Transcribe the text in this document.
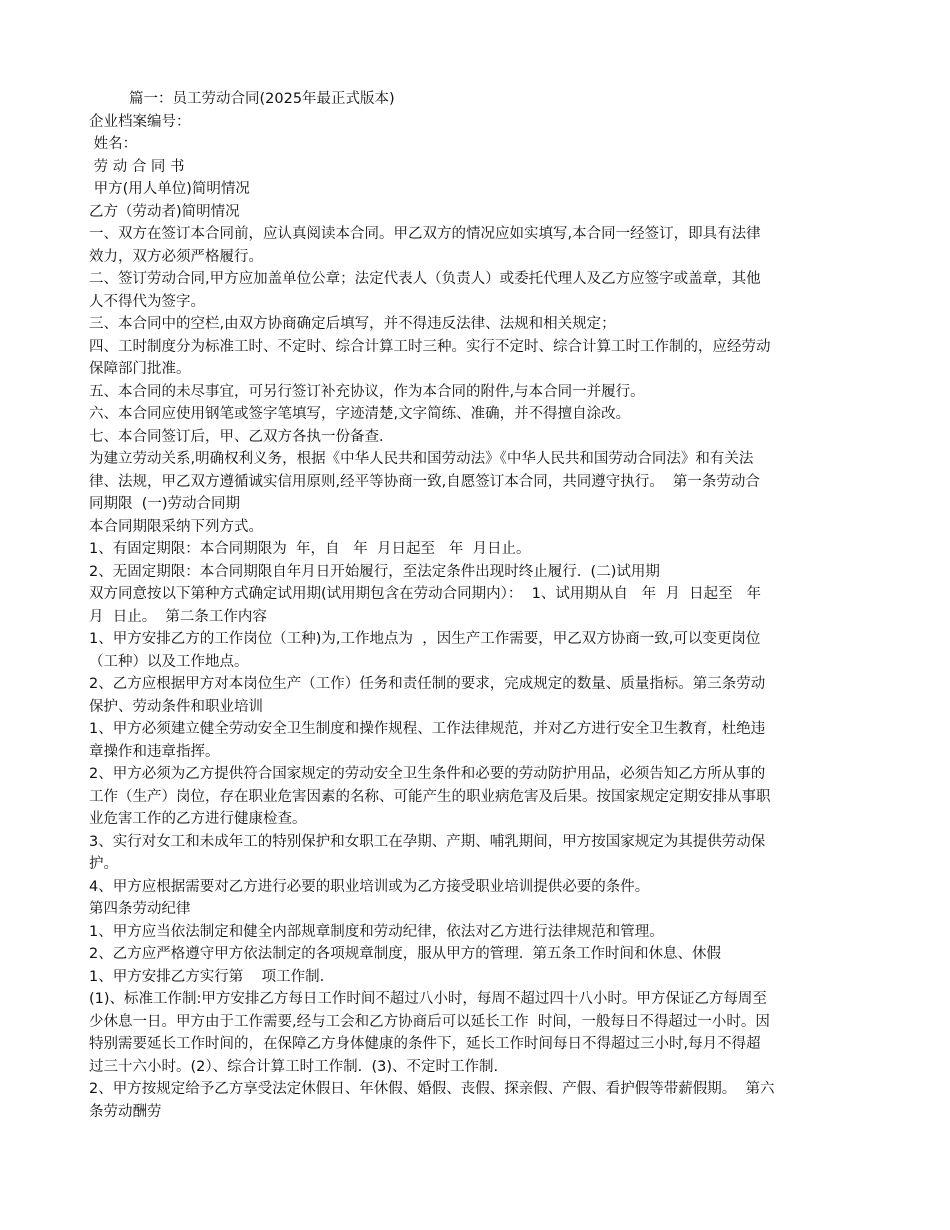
篇一：员工劳动合同(2025年最正式版本)
企业档案编号：
姓名：
劳 动 合 同 书
甲方(用人单位)简明情况
乙方（劳动者)简明情况
一、双方在签订本合同前，应认真阅读本合同。甲乙双方的情况应如实填写,本合同一经签订，即具有法律
效力，双方必须严格履行。
二、签订劳动合同,甲方应加盖单位公章；法定代表人（负责人）或委托代理人及乙方应签字或盖章，其他
人不得代为签字。
三、本合同中的空栏,由双方协商确定后填写，并不得违反法律、法规和相关规定；
四、工时制度分为标准工时、不定时、综合计算工时三种。实行不定时、综合计算工时工作制的，应经劳动
保障部门批准。
五、本合同的未尽事宜，可另行签订补充协议，作为本合同的附件,与本合同一并履行。
六、本合同应使用钢笔或签字笔填写，字迹清楚,文字简练、准确，并不得擅自涂改。
七、本合同签订后，甲、乙双方各执一份备查.
为建立劳动关系,明确权利义务，根据《中华人民共和国劳动法》《中华人民共和国劳动合同法》和有关法
律、法规，甲乙双方遵循诚实信用原则,经平等协商一致,自愿签订本合同，共同遵守执行。  第一条劳动合
同期限  (一)劳动合同期
本合同期限采纳下列方式。
1、有固定期限：本合同期限为  年，自   年  月日起至   年  月日止。
2、无固定期限：本合同期限自年月日开始履行，至法定条件出现时终止履行.  (二)试用期
双方同意按以下第种方式确定试用期(试用期包含在劳动合同期内）：  1、试用期从自   年  月  日起至   年
月  日止。  第二条工作内容
1、甲方安排乙方的工作岗位（工种)为,工作地点为  ，因生产工作需要，甲乙双方协商一致,可以变更岗位
（工种）以及工作地点。
2、乙方应根据甲方对本岗位生产（工作）任务和责任制的要求，完成规定的数量、质量指标。第三条劳动
保护、劳动条件和职业培训
1、甲方必须建立健全劳动安全卫生制度和操作规程、工作法律规范，并对乙方进行安全卫生教育，杜绝违
章操作和违章指挥。
2、甲方必须为乙方提供符合国家规定的劳动安全卫生条件和必要的劳动防护用品，必须告知乙方所从事的
工作（生产）岗位，存在职业危害因素的名称、可能产生的职业病危害及后果。按国家规定定期安排从事职
业危害工作的乙方进行健康检查。
3、实行对女工和未成年工的特别保护和女职工在孕期、产期、哺乳期间，甲方按国家规定为其提供劳动保
护。
4、甲方应根据需要对乙方进行必要的职业培训或为乙方接受职业培训提供必要的条件。
第四条劳动纪律
1、甲方应当依法制定和健全内部规章制度和劳动纪律，依法对乙方进行法律规范和管理。
2、乙方应严格遵守甲方依法制定的各项规章制度，服从甲方的管理.  第五条工作时间和休息、休假
1、甲方安排乙方实行第    项工作制.
(1)、标准工作制:甲方安排乙方每日工作时间不超过八小时，每周不超过四十八小时。甲方保证乙方每周至
少休息一日。甲方由于工作需要,经与工会和乙方协商后可以延长工作  时间，一般每日不得超过一小时。因
特别需要延长工作时间的，在保障乙方身体健康的条件下，延长工作时间每日不得超过三小时,每月不得超
过三十六小时。(2）、综合计算工时工作制.  (3)、不定时工作制.
2、甲方按规定给予乙方享受法定休假日、年休假、婚假、丧假、探亲假、产假、看护假等带薪假期。  第六
条劳动酬劳
